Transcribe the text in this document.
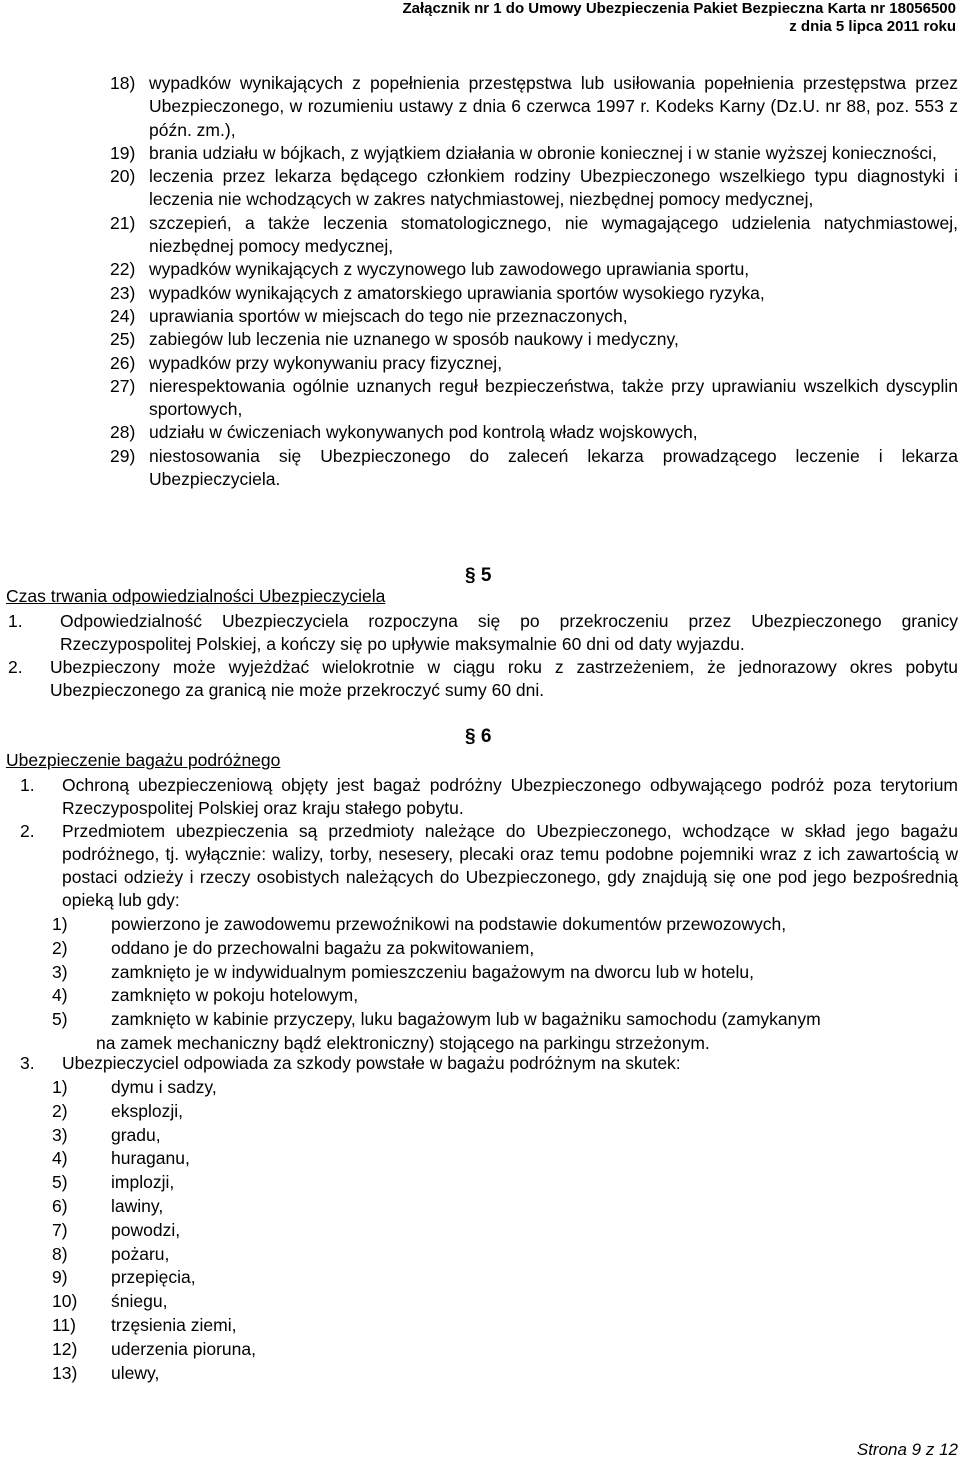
Załącznik nr 1 do Umowy Ubezpieczenia Pakiet Bezpieczna Karta nr 18056500
z dnia 5 lipca 2011 roku
18) wypadków wynikających z popełnienia przestępstwa lub usiłowania popełnienia przestępstwa przez Ubezpieczonego, w rozumieniu ustawy z dnia 6 czerwca 1997 r. Kodeks Karny (Dz.U. nr 88, poz. 553 z późn. zm.),
19) brania udziału w bójkach, z wyjątkiem działania w obronie koniecznej i w stanie wyższej konieczności,
20) leczenia przez lekarza będącego członkiem rodziny Ubezpieczonego wszelkiego typu diagnostyki i leczenia nie wchodzących w zakres natychmiastowej, niezbędnej pomocy medycznej,
21) szczepień, a także leczenia stomatologicznego, nie wymagającego udzielenia natychmiastowej, niezbędnej pomocy medycznej,
22) wypadków wynikających z wyczynowego lub zawodowego uprawiania sportu,
23) wypadków wynikających z amatorskiego uprawiania sportów wysokiego ryzyka,
24) uprawiania sportów w miejscach do tego nie przeznaczonych,
25) zabiegów lub leczenia nie uznanego w sposób naukowy i medyczny,
26) wypadków przy wykonywaniu pracy fizycznej,
27) nierespektowania ogólnie uznanych reguł bezpieczeństwa, także przy uprawianiu wszelkich dyscyplin sportowych,
28) udziału w ćwiczeniach wykonywanych pod kontrolą władz wojskowych,
29) niestosowania się Ubezpieczonego do zaleceń lekarza prowadzącego leczenie i lekarza Ubezpieczyciela.
§ 5
Czas trwania odpowiedzialności Ubezpieczyciela
1. Odpowiedzialność Ubezpieczyciela rozpoczyna się po przekroczeniu przez Ubezpieczonego granicy Rzeczypospolitej Polskiej, a kończy się po upływie maksymalnie 60 dni od daty wyjazdu.
2. Ubezpieczony może wyjeżdżać wielokrotnie w ciągu roku z zastrzeżeniem, że jednorazowy okres pobytu Ubezpieczonego za granicą nie może przekroczyć sumy 60 dni.
§ 6
Ubezpieczenie bagażu podróżnego
1. Ochroną ubezpieczeniową objęty jest bagaż podróżny Ubezpieczonego odbywającego podróż poza terytorium Rzeczypospolitej Polskiej oraz kraju stałego pobytu.
2. Przedmiotem ubezpieczenia są przedmioty należące do Ubezpieczonego, wchodzące w skład jego bagażu podróżnego, tj. wyłącznie: walizy, torby, nesesery, plecaki oraz temu podobne pojemniki wraz z ich zawartością w postaci odzieży i rzeczy osobistych należących do Ubezpieczonego, gdy znajdują się one pod jego bezpośrednią opieką lub gdy:
1) powierzono je zawodowemu przewoźnikowi na podstawie dokumentów przewozowych,
2) oddano je do przechowalni bagażu za pokwitowaniem,
3) zamknięto je w indywidualnym pomieszczeniu bagażowym na dworcu lub w hotelu,
4) zamknięto w pokoju hotelowym,
5) zamknięto w kabinie przyczepy, luku bagażowym lub w bagażniku samochodu (zamykanym
na zamek mechaniczny bądź elektroniczny) stojącego na parkingu strzeżonym.
3. Ubezpieczyciel odpowiada za szkody powstałe w bagażu podróżnym na skutek:
1) dymu i sadzy,
2) eksplozji,
3) gradu,
4) huraganu,
5) implozji,
6) lawiny,
7) powodzi,
8) pożaru,
9) przepięcia,
10) śniegu,
11) trzęsienia ziemi,
12) uderzenia pioruna,
13) ulewy,
Strona 9 z 12
